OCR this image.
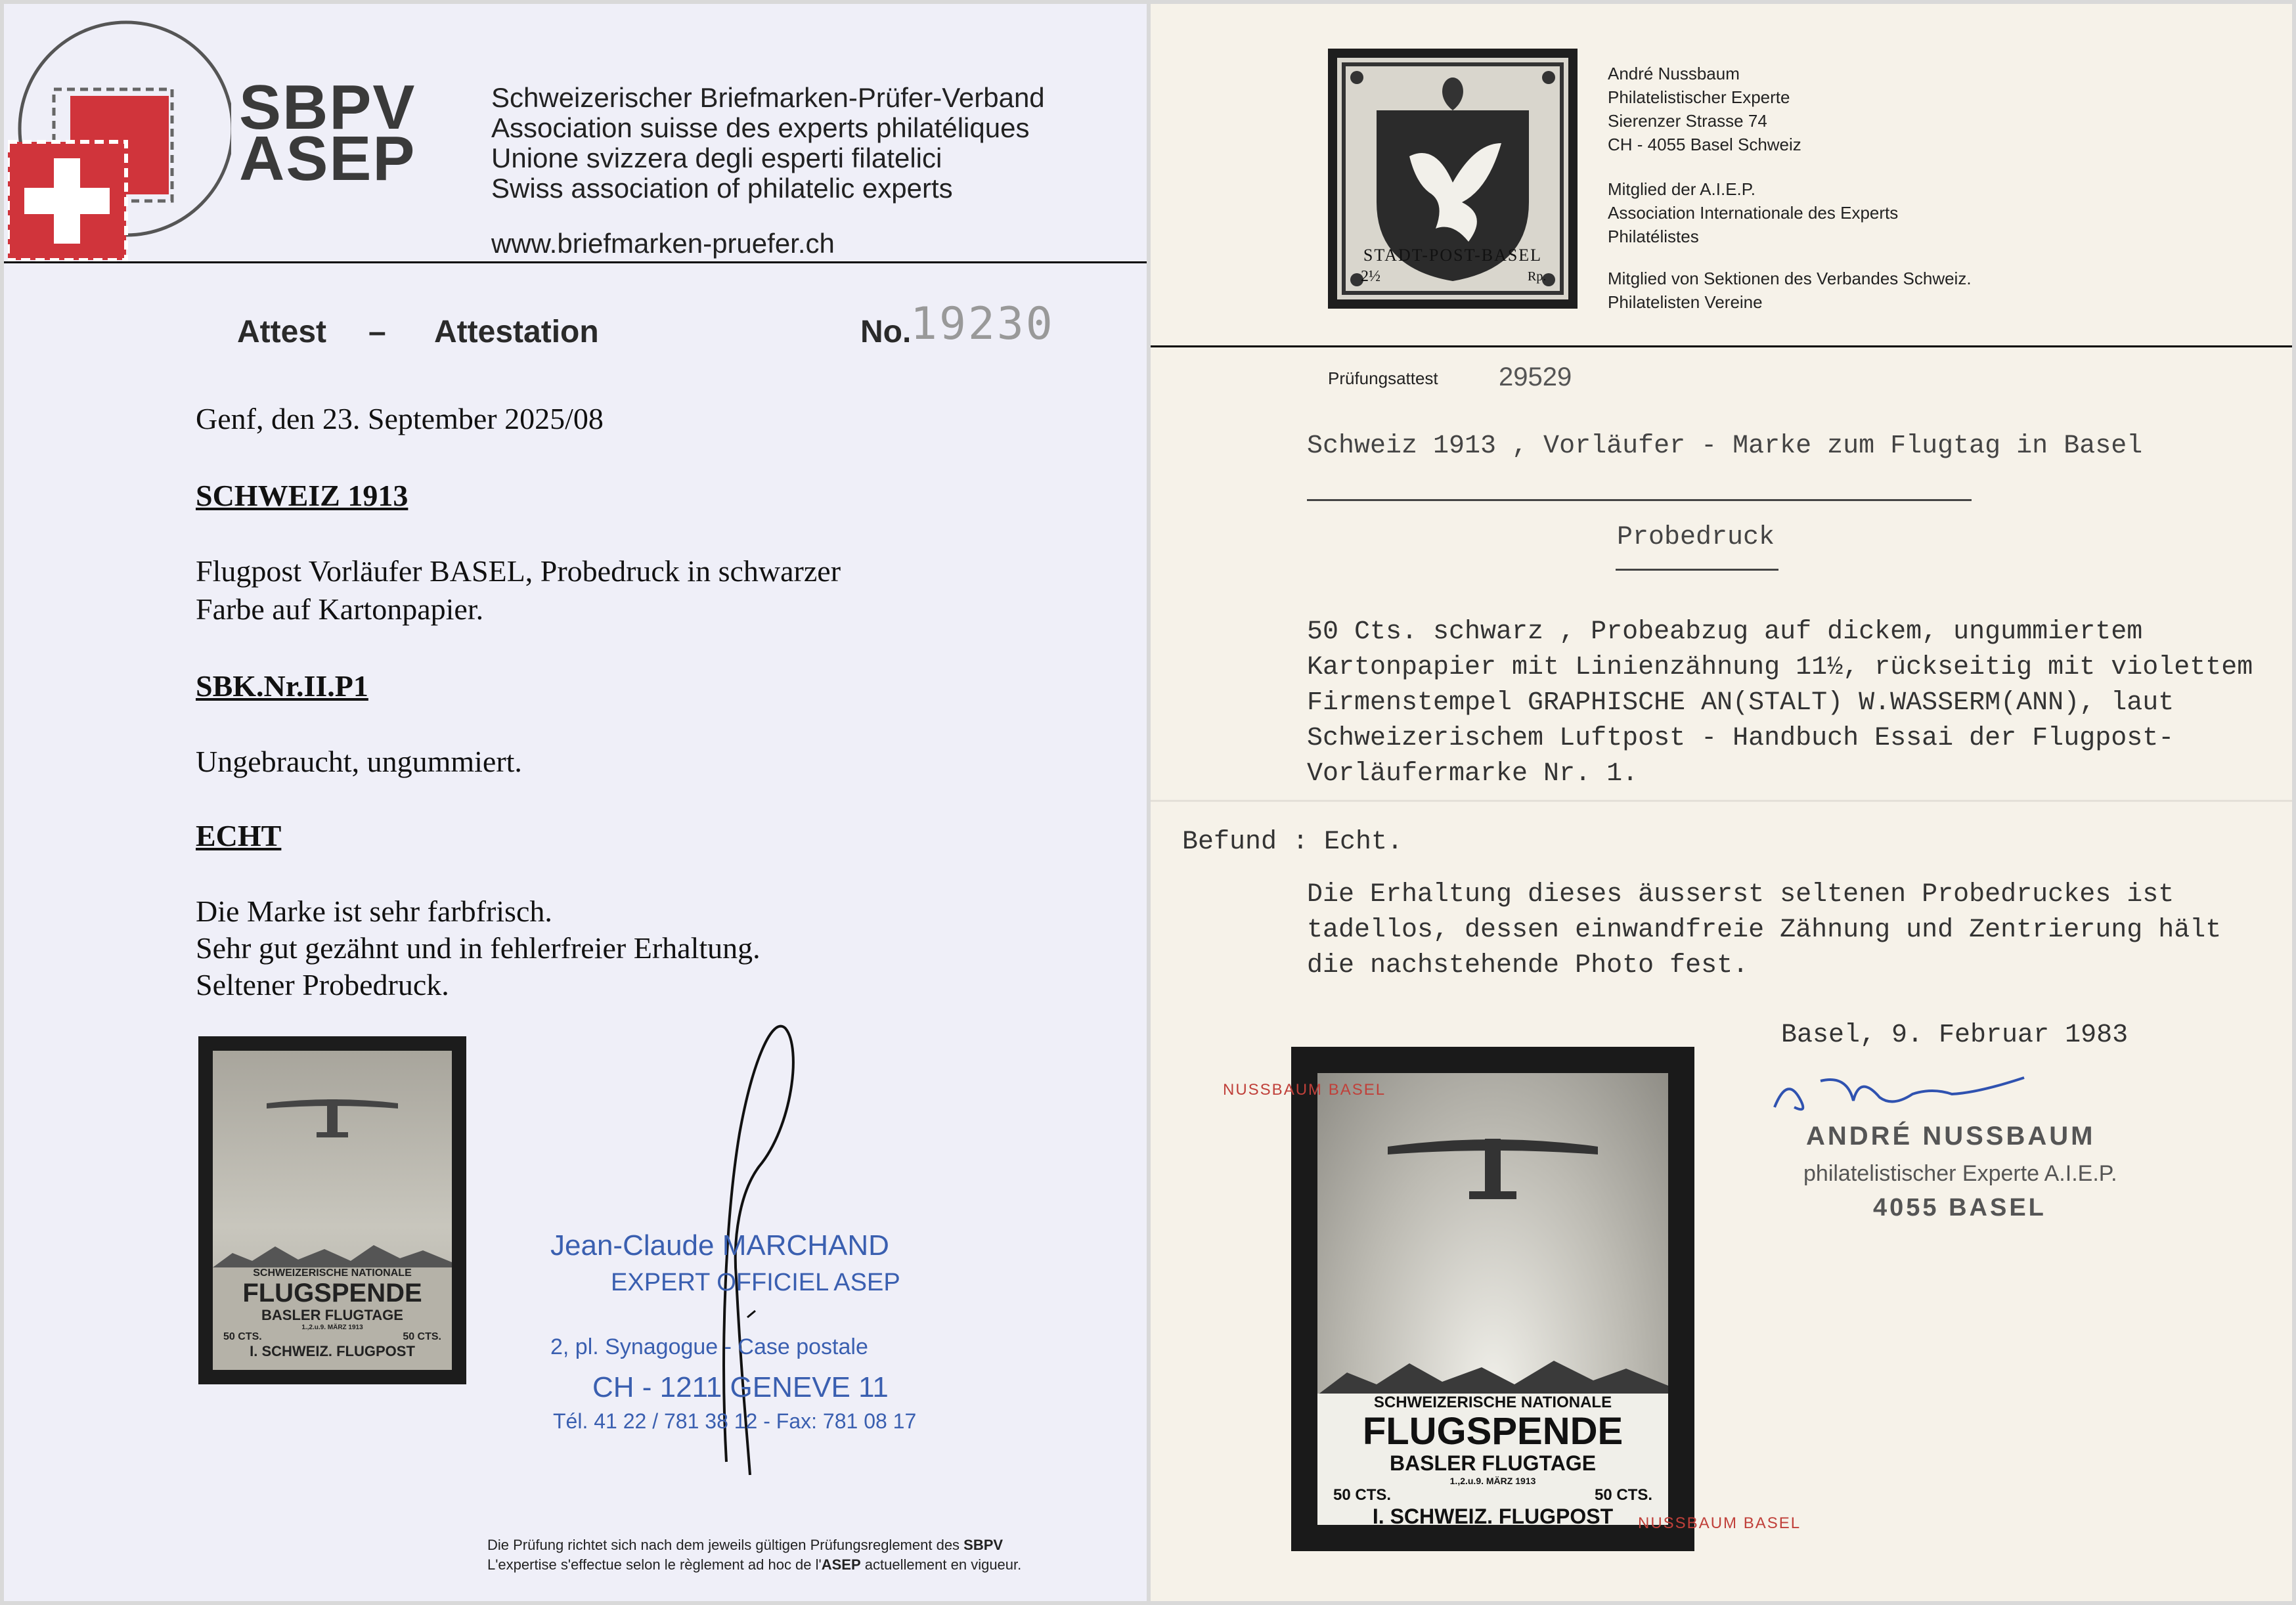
SBPV
ASEP
Schweizerischer Briefmarken-Prüfer-Verband
Association suisse des experts philatéliques
Unione svizzera degli esperti filatelici
Swiss association of philatelic experts
www.briefmarken-pruefer.ch
Attest – Attestation	No.
19230
Genf, den 23. September 2025/08
SCHWEIZ 1913
Flugpost Vorläufer BASEL, Probedruck in schwarzer
Farbe auf Kartonpapier.
SBK.Nr.II.P1
Ungebraucht, ungummiert.
ECHT
Die Marke ist sehr farbfrisch.
Sehr gut gezähnt und in fehlerfreier Erhaltung.
Seltener Probedruck.
SCHWEIZERISCHE NATIONALE
FLUGSPENDE
BASLER FLUGTAGE
1.,2.u.9. MÄRZ 1913
50 CTS.	50 CTS.
I. SCHWEIZ. FLUGPOST
Jean-Claude MARCHAND
EXPERT OFFICIEL ASEP
2, pl. Synagogue - Case postale
CH - 1211 GENEVE 11
Tél. 41 22 / 781 38 12 - Fax: 781 08 17
Die Prüfung richtet sich nach dem jeweils gültigen Prüfungsreglement des SBPV
L'expertise s'effectue selon le règlement ad hoc de l'ASEP actuellement en vigueur.
STADT-POST-BASEL
2½	Rp.
André Nussbaum
Philatelistischer Experte
Sierenzer Strasse 74
CH - 4055 Basel Schweiz
Mitglied der A.I.E.P.
Association Internationale des Experts
Philatélistes
Mitglied von Sektionen des Verbandes Schweiz.
Philatelisten Vereine
Prüfungsattest 29529
Schweiz 1913 , Vorläufer - Marke zum Flugtag in Basel
Probedruck
50 Cts. schwarz , Probeabzug auf dickem, ungummiertem
Kartonpapier mit Linienzähnung 11½, rückseitig mit violettem
Firmenstempel GRAPHISCHE AN(STALT) W.WASSERM(ANN), laut
Schweizerischem Luftpost - Handbuch Essai der Flugpost-
Vorläufermarke Nr. 1.
Befund : Echt.
Die Erhaltung dieses äusserst seltenen Probedruckes ist
tadellos, dessen einwandfreie Zähnung und Zentrierung hält
die nachstehende Photo fest.
Basel, 9. Februar 1983
ANDRÉ NUSSBAUM
philatelistischer Experte A.I.E.P.
4055 BASEL
SCHWEIZERISCHE NATIONALE
FLUGSPENDE
BASLER FLUGTAGE
1.,2.u.9. MÄRZ 1913
50 CTS.	50 CTS.
I. SCHWEIZ. FLUGPOST
NUSSBAUM BASEL
NUSSBAUM BASEL
